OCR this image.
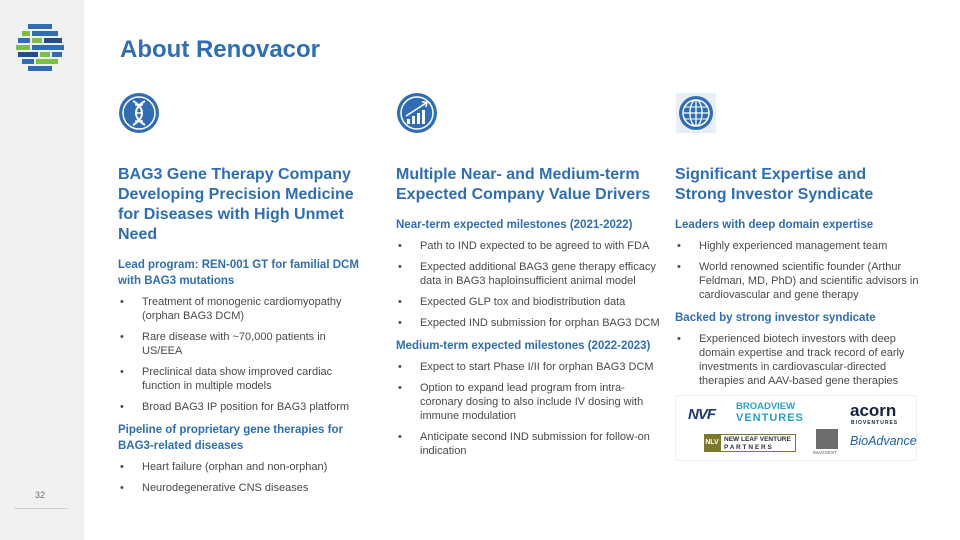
32
About Renovacor
BAG3 Gene Therapy Company Developing Precision Medicine for Diseases with High Unmet Need
Lead program: REN-001 GT for familial DCM with BAG3 mutations
• Treatment of monogenic cardiomyopathy (orphan BAG3 DCM)
• Rare disease with ~70,000 patients in US/EEA
• Preclinical data show improved cardiac function in multiple models
• Broad BAG3 IP position for BAG3 platform
Pipeline of proprietary gene therapies for BAG3-related diseases
• Heart failure (orphan and non-orphan)
• Neurodegenerative CNS diseases
Multiple Near- and Medium-term Expected Company Value Drivers
Near-term expected milestones (2021-2022)
• Path to IND expected to be agreed to with FDA
• Expected additional BAG3 gene therapy efficacy data in BAG3 haploinsufficient animal model
• Expected GLP tox and biodistribution data
• Expected IND submission for orphan BAG3 DCM
Medium-term expected milestones (2022-2023)
• Expect to start Phase I/II for orphan BAG3 DCM
• Option to expand lead program from intra-coronary dosing to also include IV dosing with immune modulation
• Anticipate second IND submission for follow-on indication
Significant Expertise and Strong Investor Syndicate
Leaders with deep domain expertise
• Highly experienced management team
• World renowned scientific founder (Arthur Feldman, MD, PhD) and scientific advisors in cardiovascular and gene therapy
Backed by strong investor syndicate
• Experienced biotech investors with deep domain expertise and track record of early investments in cardiovascular-directed therapies and AAV-based gene therapies
NVF BROADVIEW
VENTURES	acorn
BIOVENTURES
NLV NEW LEAF VENTURE
P A R T N E R S
IMAGGEST
BioAdvance
